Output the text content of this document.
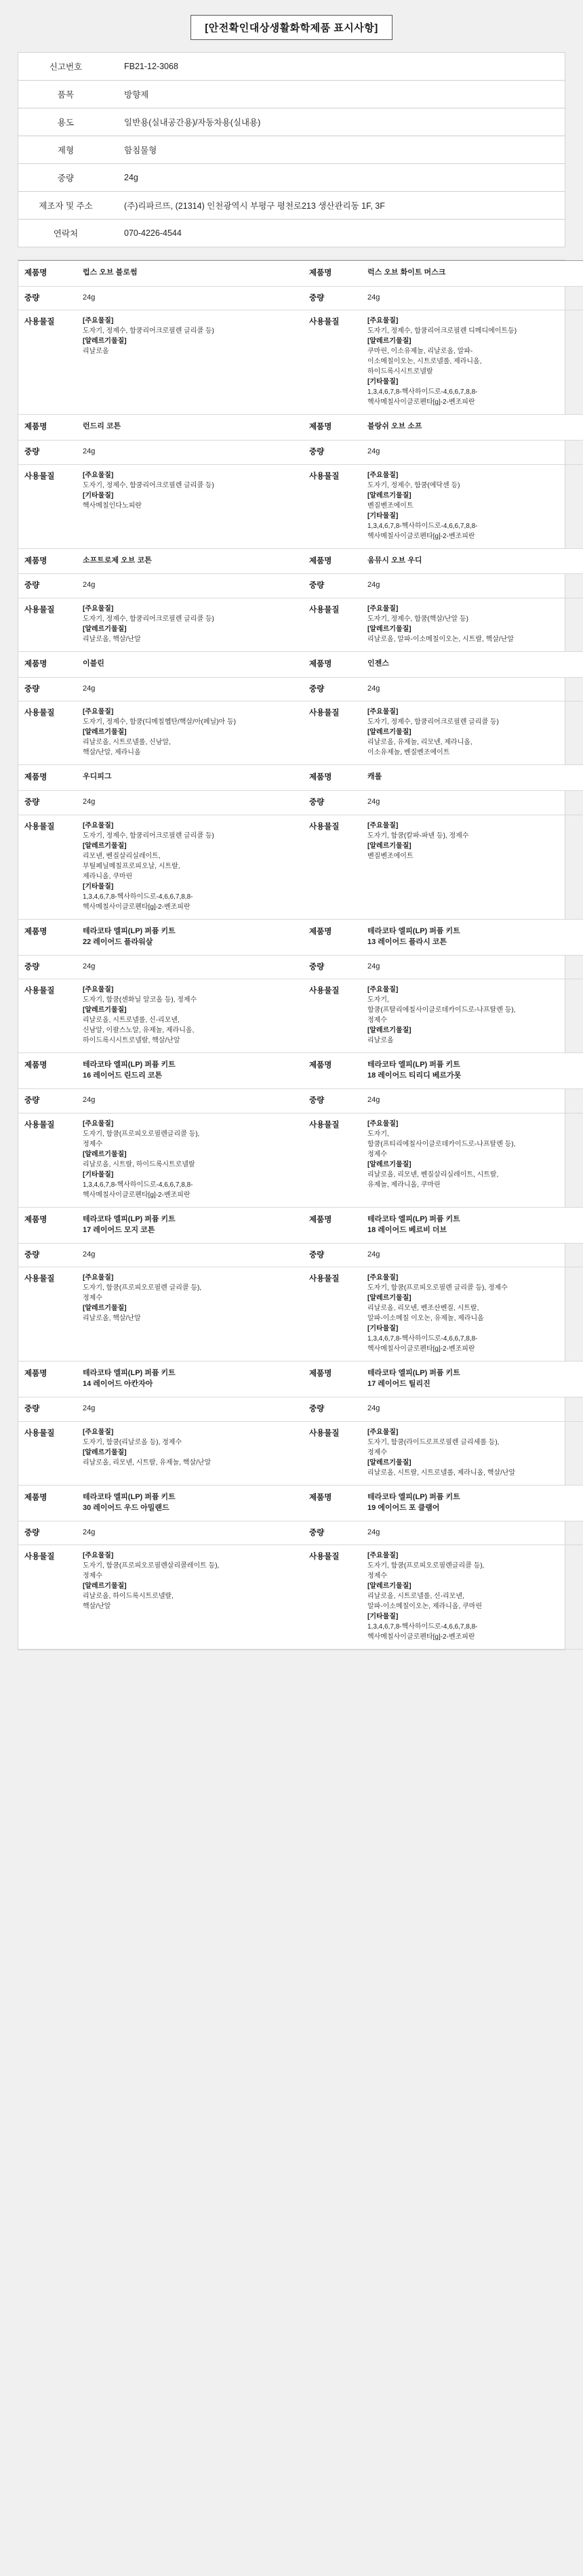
[안전확인대상생활화학제품 표시사항]
신고번호	FB21-12-3068
품목	방향제
용도	일반용(실내공간용)/자동차용(실내용)
제형	함침물형
중량	24g
제조자 및 주소	(주)리파르뜨, (21314) 인천광역시 부평구 평천로213 생산관리동 1F, 3F
연락처	070-4226-4544
제품명	럽스 오브 블로썸	제품명	럭스 오브 화이트 머스크

중량	24g	중량	24g

사용물질	[주요물질]
도자기, 정제수, 함쿰리어크로필렌 글리콜 등)
[알레르기물질]
리날로올
	사용물질	[주요물질]
도자기, 정제수, 함쿰리어크로필렌 디메디에이트등)
[알레르기물질]
쿠마린, 이소유제놀, 리날로올, 알파-
이소메칠이오논, 시트로넬롤, 제라니올,
하이드록시시트로넬랄
[기타물질]
1,3,4,6,7,8-헥사하이드로-4,6,6,7,8,8-
헥사메칠사이클로펜타[g]-2-벤조피란

제품명	런드리 코튼	제품명	블랑쉬 오브 소프

중량	24g	중량	24g

사용물질	[주요물질]
도자기, 정제수, 함쿰리어크로필렌 글리콜 등)
[기타물질]
헥사메칠인다노피란
	사용물질	[주요물질]
도자기, 정제수, 함쿰(에닥센 등)
[알레르기물질]
벤질벤조에이트
[기타물질]
1,3,4,6,7,8-헥사하이드로-4,6,6,7,8,8-
헥사메칠사이클로펜타[g]-2-벤조피란

제품명	소프트로제 오브 코튼	제품명	움뮤시 오브 우디

중량	24g	중량	24g

사용물질	[주요물질]
도자기, 정제수, 함쿰리어크로필렌 글리콜 등)
[알레르기물질]
리날로올, 핵살/난알	사용물질	[주요물질]
도자기, 정제수, 함쿰(핵살/난알 등)
[알레르기물질]
리날로올, 알파-이소메칠이오논, 시트랄, 핵살/난알

제품명	이블린	제품명	인젠스

중량	24g	중량	24g

사용물질	[주요물질]
도자기, 정제수, 함쿰(디메칠헵탄/핵살/아(페닐)아 등)
[알레르기물질]
리날로올, 시트로넬롤, 신남알,
핵살/난알, 제라니올	사용물질	[주요물질]
도자기, 정제수, 함쿰리어크로필렌 글리콜 등)
[알레르기물질]
리날로올, 유제놀, 리모넨, 제라니올,
이소유제놀, 벤질벤조에이트

제품명	우디피그	제품명	캐롤

중량	24g	중량	24g

사용물질	[주요물질]
도자기, 정제수, 함쿰리어크로필렌 글리콜 등)
[알레르기물질]
리모넨, 벤질살리실레이트,
부틸페닐메칠프로피오날, 시트랄,
제라니올, 쿠마린
[기타물질]
1,3,4,6,7,8-헥사하이드로-4,6,6,7,8,8-
헥사메칠사이클로펜타[g]-2-벤조피란
	사용물질	[주요물질]
도자기, 함쿰(칼파-파넨 등), 정제수
[알레르기물질]
벤질벤조에이트

제품명	테라코타 엘피(LP) 퍼퓸 키트
22 레이어드 플라워살	제품명	테라코타 엘피(LP) 퍼퓸 키트
13 레이어드 플라시 코튼

중량	24g	중량	24g

사용물질	[주요물질]
도자기, 함쿰(센화닐 알코올 등), 정제수
[알레르기물질]
리날로올, 시트로넬롤, 신-리모넨,
신남알, 이팔스노알, 유제놀, 제라니올,
하이드록시시트로넬랄, 핵살/난알
	사용물질	[주요물질]
도자기,
함쿰(프탈리에칠사이클로데카이드로-나프탈렌 등),
정제수
[알레르기물질]
리날로올

제품명	테라코타 엘피(LP) 퍼퓸 키트
16 레이어드 린드리 코튼	제품명	테라코타 엘피(LP) 퍼퓸 키트
18 레이어드 티리디 베르가못

중량	24g	중량	24g

사용물질	[주요물질]
도자기, 함쿰(프로피오로필렌글리콜 등),
정제수
[알레르기물질]
리날로올, 시트랄, 하이드록시트로넬랄
[기타물질]
1,3,4,6,7,8-헥사하이드로-4,6,6,7,8,8-
헥사메칠사이클로펜타[g]-2-벤조피란
	사용물질	[주요물질]
도자기,
함쿰(프티리에칠사이클로데카이드로-나프탈렌 등),
정제수
[알레르기물질]
리날로올, 리모넨, 벤질살리실레이트, 시트랄,
유제놀, 제라니올, 쿠마린

제품명	테라코타 엘피(LP) 퍼퓸 키트
17 레이어드 모지 코튼	제품명	테라코타 엘피(LP) 퍼퓸 키트
18 레이어드 베르비 더브

중량	24g	중량	24g

사용물질	[주요물질]
도자기, 함쿰(프로피오로필렌 글리콜 등),
정제수
[알레르기물질]
리날로올, 핵살/난알
	사용물질	[주요물질]
도자기, 함쿰(프로피오로필렌 글리콜 등), 정제수
[알레르기물질]
리날로올, 리모넨, 벤조산벤질, 시트랄,
알파-이소메칠 이오논, 유제놀, 제라니올
[기타물질]
1,3,4,6,7,8-헥사하이드로-4,6,6,7,8,8-
헥사메칠사이클로펜타[g]-2-벤조피란

제품명	테라코타 엘피(LP) 퍼퓸 키트
14 레이어드 아칸자아	제품명	테라코타 엘피(LP) 퍼퓸 키트
17 레이어드 틸리진

중량	24g	중량	24g

사용물질	[주요물질]
도자기, 함쿰(리날로올 등), 정제수
[알레르기물질]
리날로올, 리모넨, 시트랄, 유제놀, 핵살/난알	사용물질	[주요물질]
도자기, 함쿰(라이드로프로필렌 글리세롤 등),
정제수
[알레르기물질]
리날로올, 시트랄, 시트로넬롤, 제라니올, 핵살/난알

제품명	테라코타 엘피(LP) 퍼퓸 키트
30 레이어드 우드 아밀랜드	제품명	테라코타 엘피(LP) 퍼퓸 키트
19 에이어드 포 클램어

중량	24g	중량	24g

사용물질	[주요물질]
도자기, 함쿰(프로피오로필렌살리콜레이트 등),
정제수
[알레르기물질]
리날로올, 하이드록시트로넬랄,
핵살/난알
	사용물질	[주요물질]
도자기, 함쿰(프로피오로필렌글리콜 등),
정제수
[알레르기물질]
리날로올, 시트로넬롤, 신-리모넨,
알파-이소메칠이오논, 제라니올, 쿠마린
[기타물질]
1,3,4,6,7,8-헥사하이드로-4,6,6,7,8,8-
헥사메칠사이클로펜타[g]-2-벤조피란
